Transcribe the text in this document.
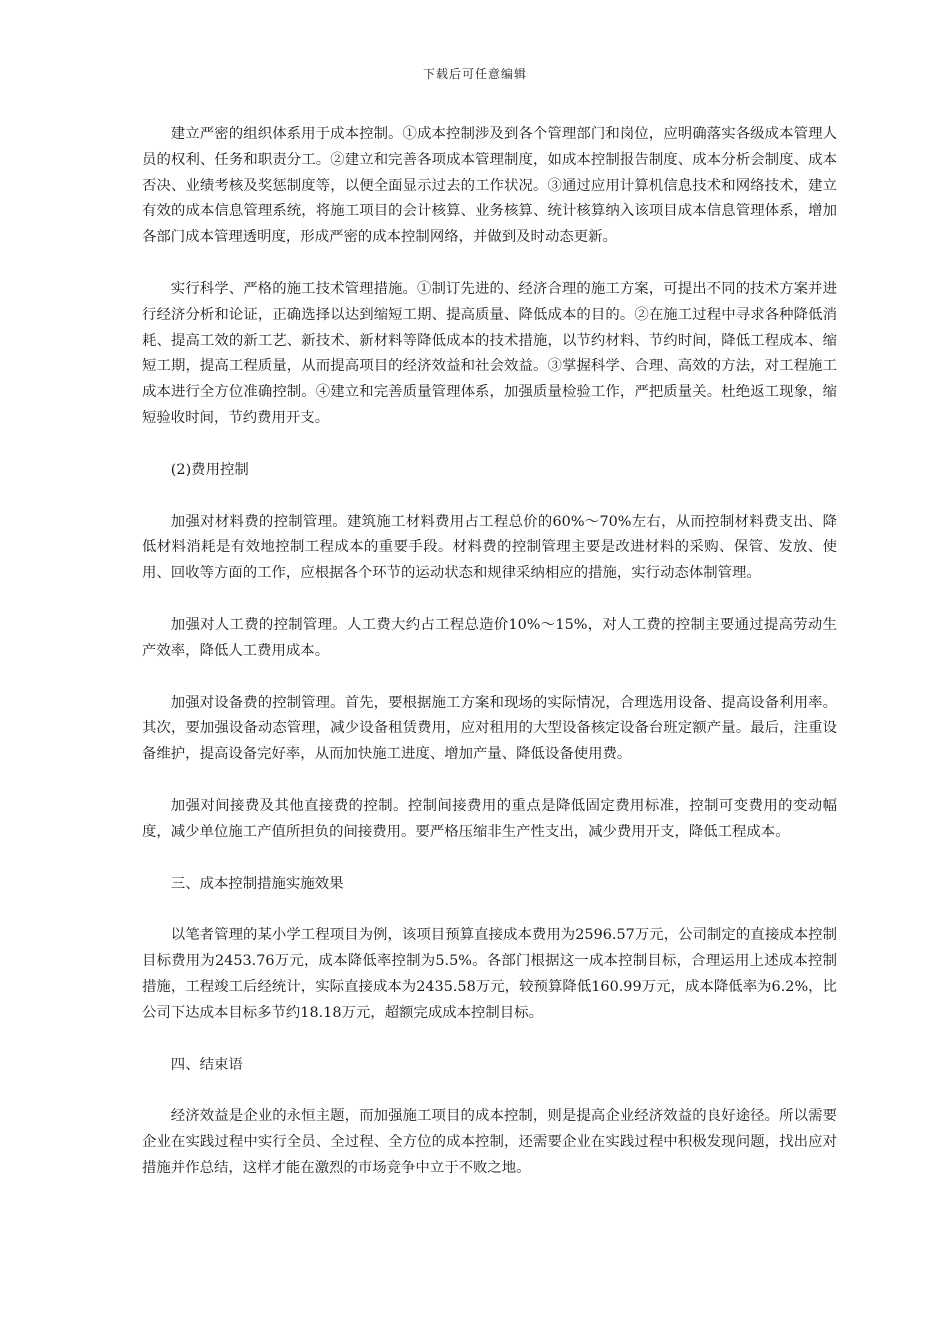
下载后可任意编辑

建立严密的组织体系用于成本控制。①成本控制涉及到各个管理部门和岗位，应明确落实各级成本管理人员的权利、任务和职责分工。②建立和完善各项成本管理制度，如成本控制报告制度、成本分析会制度、成本否决、业绩考核及奖惩制度等，以便全面显示过去的工作状况。③通过应用计算机信息技术和网络技术，建立有效的成本信息管理系统，将施工项目的会计核算、业务核算、统计核算纳入该项目成本信息管理体系，增加各部门成本管理透明度，形成严密的成本控制网络，并做到及时动态更新。

实行科学、严格的施工技术管理措施。①制订先进的、经济合理的施工方案，可提出不同的技术方案并进行经济分析和论证，正确选择以达到缩短工期、提高质量、降低成本的目的。②在施工过程中寻求各种降低消耗、提高工效的新工艺、新技术、新材料等降低成本的技术措施，以节约材料、节约时间，降低工程成本、缩短工期，提高工程质量，从而提高项目的经济效益和社会效益。③掌握科学、合理、高效的方法，对工程施工成本进行全方位准确控制。④建立和完善质量管理体系，加强质量检验工作，严把质量关。杜绝返工现象，缩短验收时间，节约费用开支。

(2)费用控制

加强对材料费的控制管理。建筑施工材料费用占工程总价的60%～70%左右，从而控制材料费支出、降低材料消耗是有效地控制工程成本的重要手段。材料费的控制管理主要是改进材料的采购、保管、发放、使用、回收等方面的工作，应根据各个环节的运动状态和规律采纳相应的措施，实行动态体制管理。

加强对人工费的控制管理。人工费大约占工程总造价10%～15%，对人工费的控制主要通过提高劳动生产效率，降低人工费用成本。

加强对设备费的控制管理。首先，要根据施工方案和现场的实际情况，合理选用设备、提高设备利用率。其次，要加强设备动态管理，减少设备租赁费用，应对租用的大型设备核定设备台班定额产量。最后，注重设备维护，提高设备完好率，从而加快施工进度、增加产量、降低设备使用费。

加强对间接费及其他直接费的控制。控制间接费用的重点是降低固定费用标准，控制可变费用的变动幅度，减少单位施工产值所担负的间接费用。要严格压缩非生产性支出，减少费用开支，降低工程成本。

三、成本控制措施实施效果

以笔者管理的某小学工程项目为例，该项目预算直接成本费用为2596.57万元，公司制定的直接成本控制目标费用为2453.76万元，成本降低率控制为5.5%。各部门根据这一成本控制目标，合理运用上述成本控制措施，工程竣工后经统计，实际直接成本为2435.58万元，较预算降低160.99万元，成本降低率为6.2%，比公司下达成本目标多节约18.18万元，超额完成成本控制目标。

四、结束语

经济效益是企业的永恒主题，而加强施工项目的成本控制，则是提高企业经济效益的良好途径。所以需要企业在实践过程中实行全员、全过程、全方位的成本控制，还需要企业在实践过程中积极发现问题，找出应对措施并作总结，这样才能在激烈的市场竞争中立于不败之地。
